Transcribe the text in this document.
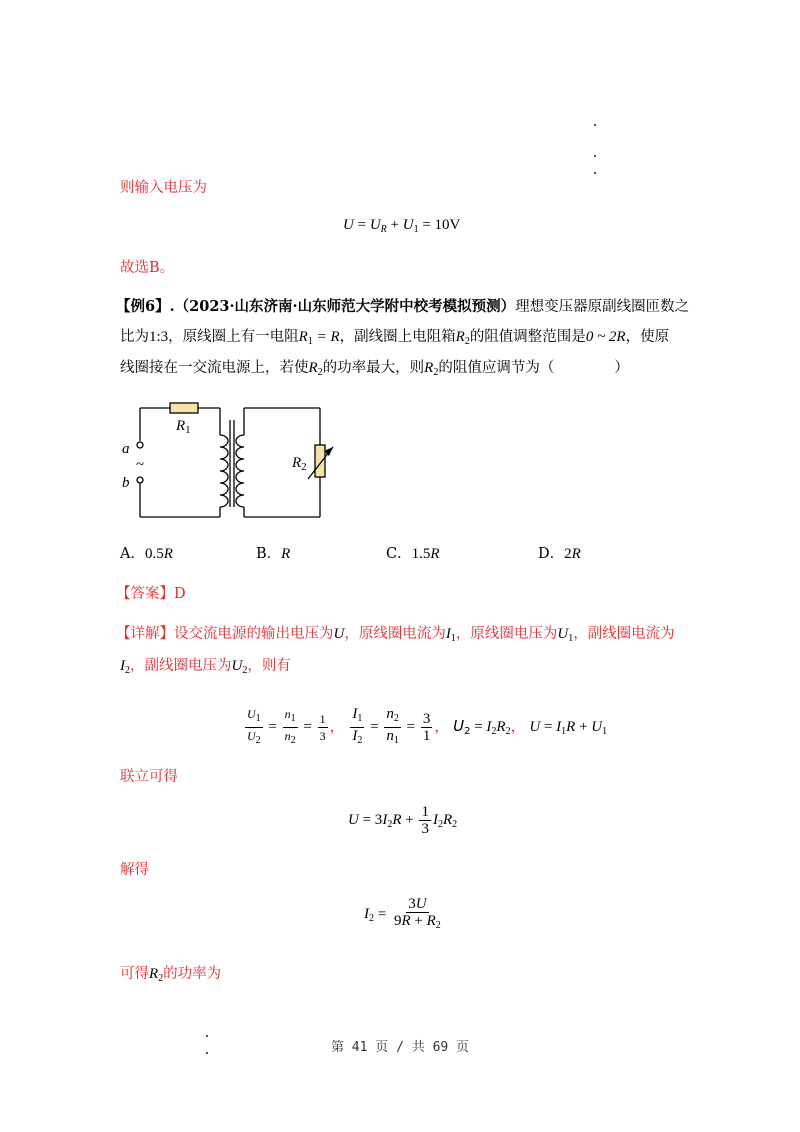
则输入电压为
$U = U_R + U_1 = 10V$
故选B。
【例6】.（2023·山东济南·山东师范大学附中校考模拟预测）理想变压器原副线圈匝数之
比为1:3，原线圈上有一电阻$R_1 = R$，副线圈上电阻箱$R_2$的阻值调整范围是0 ~ 2R，使原
线圈接在一交流电源上，若使$R_2$的功率最大，则$R_2$的阻值应调节为（	）
$R_1$
$R_2$
a
~
b
A．0.5R	B．R	C．1.5R	D．2R
【答案】D
【详解】设交流电源的输出电压为U，原线圈电流为$I_1$，原线圈电压为$U_1$，副线圈电流为
$I_2$，副线圈电压为$U_2$，则有
$\frac{U_1}{U_2} = \frac{n_1}{n_2} = \frac{1}{3}$ ， $\frac{I_1}{I_2} = \frac{n_2}{n_1} = \frac{3}{1}$ ， $U_2 = I_2R_2$， $U = I_1R + U_1$
联立可得
$U = 3I_2R + \frac{1}{3} I_2R_2$
解得
$I_2 = \frac{3U}{9R + R_2}$
可得$R_2$的功率为
第 41 页 / 共 69 页
